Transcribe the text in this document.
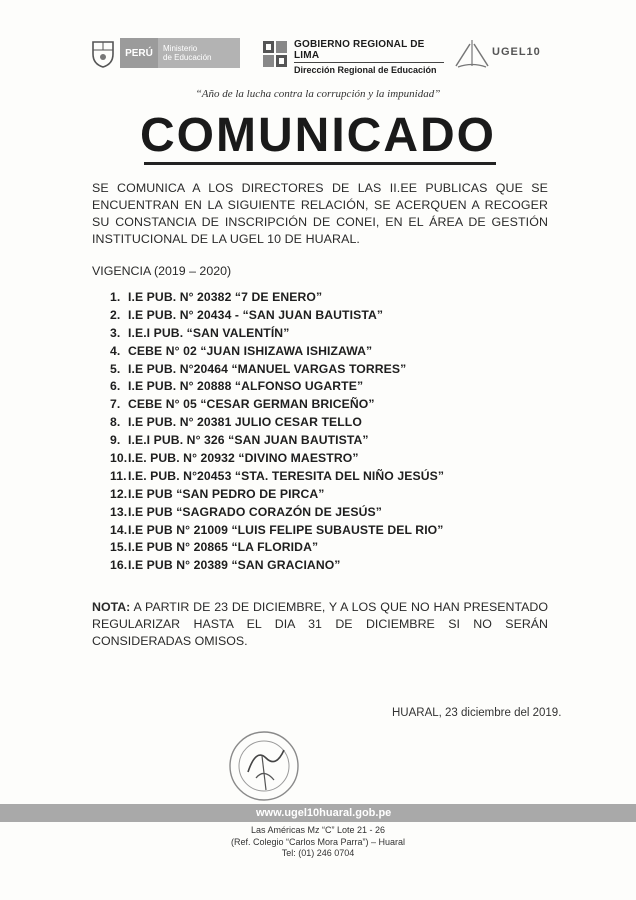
PERÚ	Ministerio
de Educación
GOBIERNO REGIONAL DE LIMA
Dirección Regional de Educación
UGEL10
“Año de la lucha contra la corrupción y la impunidad”
COMUNICADO
SE COMUNICA A LOS DIRECTORES DE LAS II.EE PUBLICAS QUE SE ENCUENTRAN EN LA SIGUIENTE RELACIÓN, SE ACERQUEN A RECOGER SU CONSTANCIA DE INSCRIPCIÓN DE CONEI, EN EL ÁREA DE GESTIÓN INSTITUCIONAL DE LA UGEL 10 DE HUARAL.
VIGENCIA (2019 – 2020)
1. I.E PUB. N° 20382 “7 DE ENERO”
2. I.E PUB. N° 20434 - “SAN JUAN BAUTISTA”
3. I.E.I PUB. “SAN VALENTÍN”
4. CEBE N° 02 “JUAN ISHIZAWA ISHIZAWA”
5. I.E PUB. N°20464 “MANUEL VARGAS TORRES”
6. I.E PUB. N° 20888 “ALFONSO UGARTE”
7. CEBE N° 05 “CESAR GERMAN BRICEÑO”
8. I.E PUB. N° 20381 JULIO CESAR TELLO
9. I.E.I PUB. N° 326 “SAN JUAN BAUTISTA”
10.I.E. PUB. N° 20932 “DIVINO MAESTRO”
11.I.E. PUB. N°20453 “STA. TERESITA DEL NIÑO JESÚS”
12.I.E PUB “SAN PEDRO DE PIRCA”
13.I.E PUB “SAGRADO CORAZÓN DE JESÚS”
14.I.E PUB N° 21009 “LUIS FELIPE SUBAUSTE DEL RIO”
15.I.E PUB N° 20865 “LA FLORIDA”
16.I.E PUB N° 20389 “SAN GRACIANO”
NOTA: A PARTIR DE 23 DE DICIEMBRE, Y A LOS QUE NO HAN PRESENTADO REGULARIZAR HASTA EL DIA 31 DE DICIEMBRE SI NO SERÁN CONSIDERADAS OMISOS.
HUARAL, 23 diciembre del 2019.
www.ugel10huaral.gob.pe
Las Américas Mz “C” Lote 21 - 26
(Ref. Colegio “Carlos Mora Parra”) – Huaral
Tel: (01) 246 0704
